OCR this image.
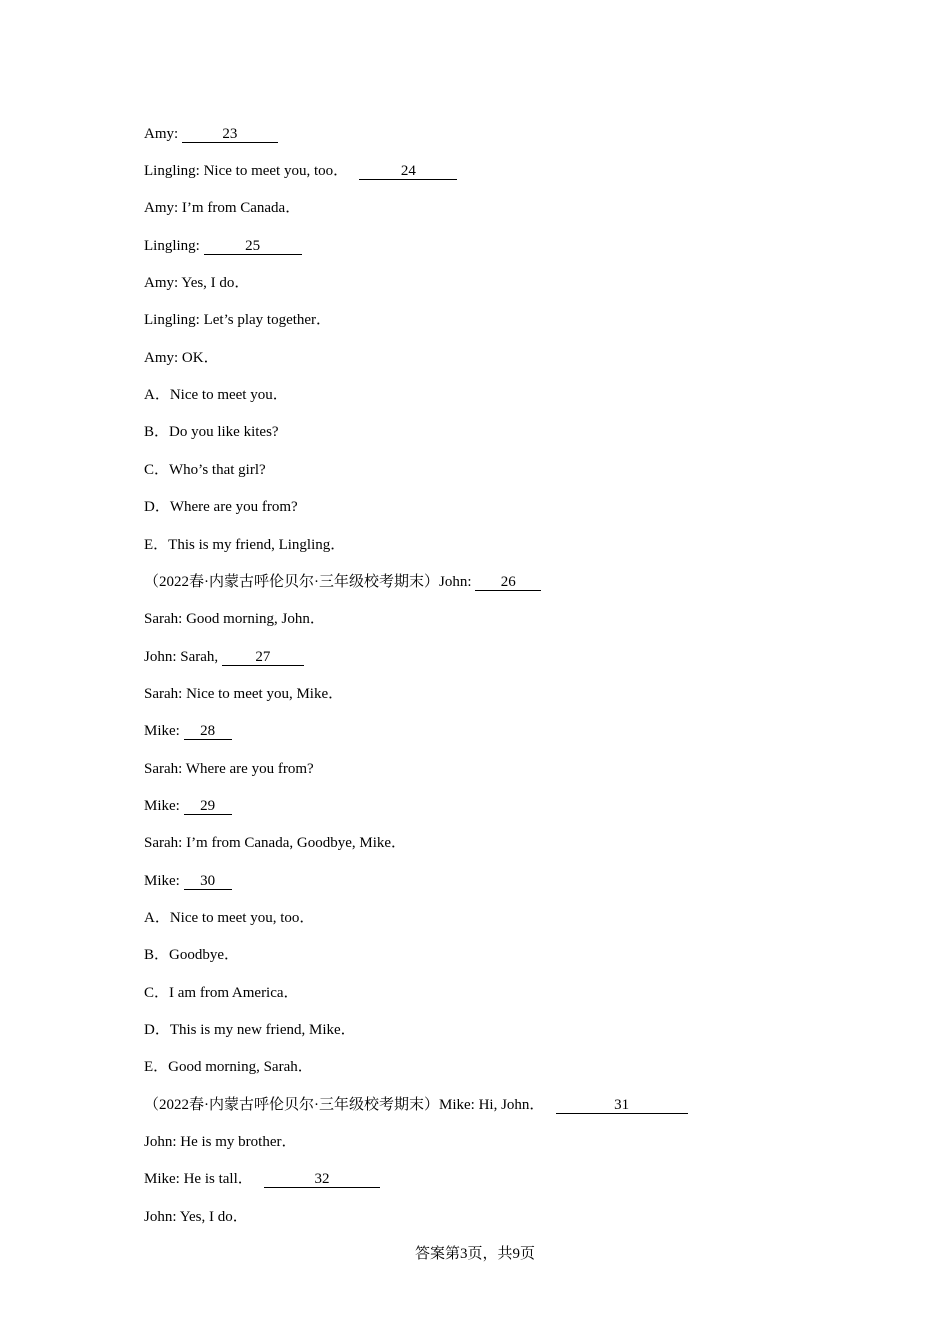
Amy:	23
Lingling: Nice to meet you, too．	24
Amy: I’m from Canada．
Lingling:	25
Amy: Yes, I do．
Lingling: Let’s play together．
Amy: OK．
A．Nice to meet you．
B．Do you like kites?
C．Who’s that girl?
D．Where are you from?
E．This is my friend, Lingling．
（2022春·内蒙古呼伦贝尔·三年级校考期末）John: 26
Sarah: Good morning, John．
John: Sarah, 27
Sarah: Nice to meet you, Mike．
Mike: 28
Sarah: Where are you from?
Mike: 29
Sarah: I’m from Canada, Goodbye, Mike．
Mike: 30
A．Nice to meet you, too．
B．Goodbye．
C．I am from America．
D．This is my new friend, Mike．
E．Good morning, Sarah．
（2022春·内蒙古呼伦贝尔·三年级校考期末）Mike: Hi, John．	31
John: He is my brother．
Mike: He is tall．	32
John: Yes, I do．
答案第3页，共9页
